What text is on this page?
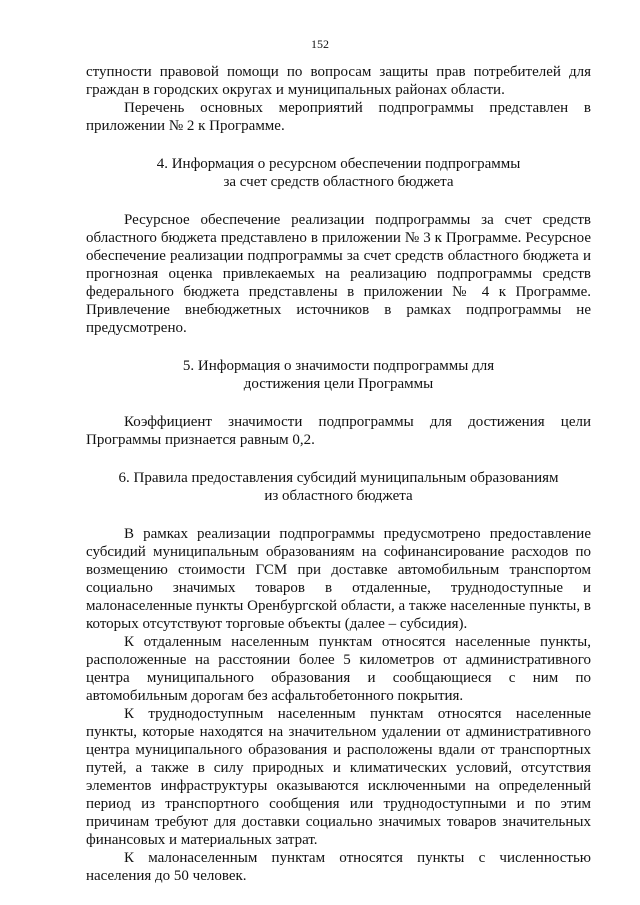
152

ступности правовой помощи по вопросам защиты прав потребителей для граждан в городских округах и муниципальных районах области.

Перечень основных мероприятий подпрограммы представлен в приложении № 2 к Программе.

4. Информация о ресурсном обеспечении подпрограммы
за счет средств областного бюджета

Ресурсное обеспечение реализации подпрограммы за счет средств областного бюджета представлено в приложении № 3 к Программе. Ресурсное обеспечение реализации подпрограммы за счет средств областного бюджета и прогнозная оценка привлекаемых на реализацию подпрограммы средств федерального бюджета представлены в приложении № 4 к Программе. Привлечение внебюджетных источников в рамках подпрограммы не предусмотрено.

5. Информация о значимости подпрограммы для
достижения цели Программы

Коэффициент значимости подпрограммы для достижения цели Программы признается равным 0,2.

6. Правила предоставления субсидий муниципальным образованиям
из областного бюджета

В рамках реализации подпрограммы предусмотрено предоставление субсидий муниципальным образованиям на софинансирование расходов по возмещению стоимости ГСМ при доставке автомобильным транспортом социально значимых товаров в отдаленные, труднодоступные и малонаселенные пункты Оренбургской области, а также населенные пункты, в которых отсутствуют торговые объекты (далее – субсидия).

К отдаленным населенным пунктам относятся населенные пункты, расположенные на расстоянии более 5 километров от административного центра муниципального образования и сообщающиеся с ним по автомобильным дорогам без асфальтобетонного покрытия.

К труднодоступным населенным пунктам относятся населенные пункты, которые находятся на значительном удалении от административного центра муниципального образования и расположены вдали от транспортных путей, а также в силу природных и климатических условий, отсутствия элементов инфраструктуры оказываются исключенными на определенный период из транспортного сообщения или труднодоступными и по этим причинам требуют для доставки социально значимых товаров значительных финансовых и материальных затрат.

К малонаселенным пунктам относятся пункты с численностью населения до 50 человек.
